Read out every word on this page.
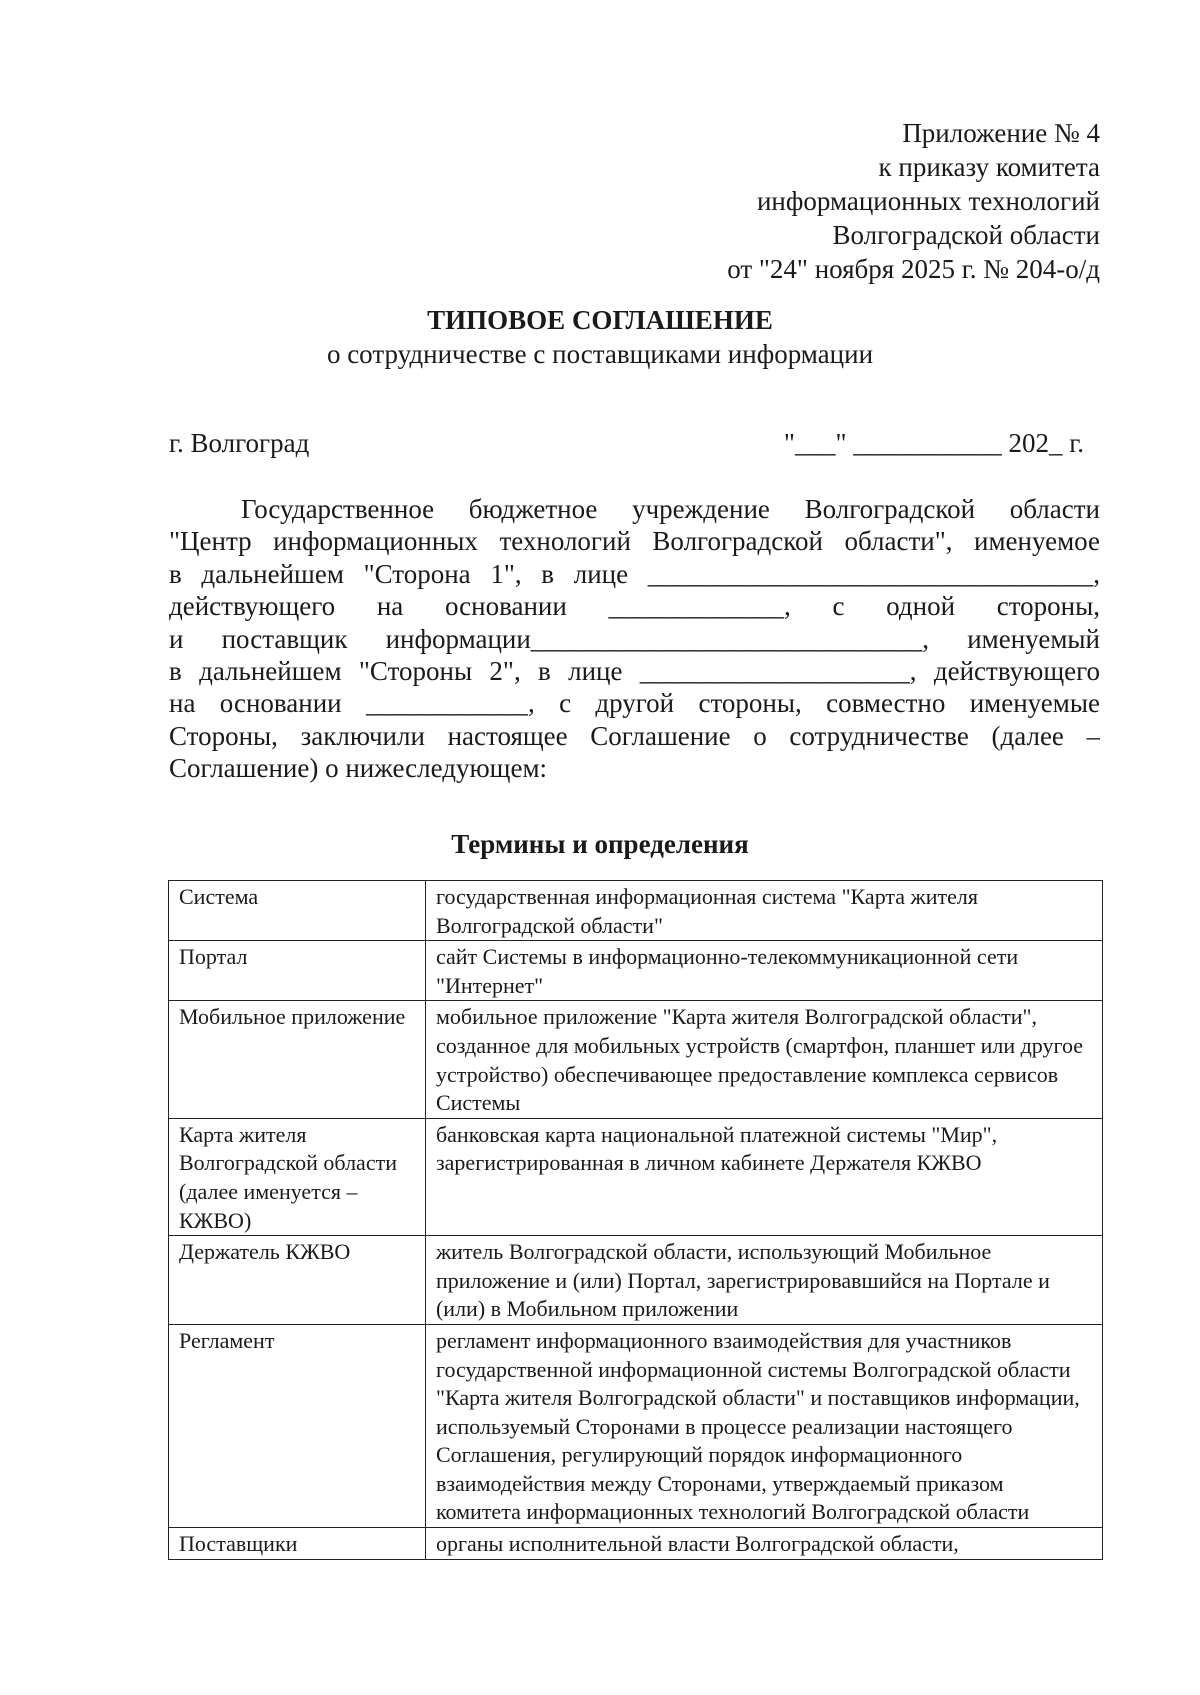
Приложение № 4
к приказу комитета
информационных технологий
Волгоградской области
от "24" ноября 2025 г. № 204-о/д
ТИПОВОЕ СОГЛАШЕНИЕ
о сотрудничестве с поставщиками информации
г. Волгоград	"___" ___________ 202_ г.
Государственное бюджетное учреждение Волгоградской области
"Центр информационных технологий Волгоградской области", именуемое
в дальнейшем "Сторона 1", в лице _________________________________,
действующего на основании _____________, с одной стороны,
и поставщик информации_____________________________, именуемый
в дальнейшем "Стороны 2", в лице ____________________, действующего
на основании ____________, с другой стороны, совместно именуемые
Стороны, заключили настоящее Соглашение о сотрудничестве (далее –
Соглашение) о нижеследующем:
Термины и определения
Система	государственная информационная система "Карта жителя Волгоградской области"
Портал	сайт Системы в информационно-телекоммуникационной сети "Интернет"
Мобильное приложение	мобильное приложение "Карта жителя Волгоградской области", созданное для мобильных устройств (смартфон, планшет или другое устройство) обеспечивающее предоставление комплекса сервисов Системы
Карта жителя Волгоградской области (далее именуется – КЖВО)	банковская карта национальной платежной системы "Мир", зарегистрированная в личном кабинете Держателя КЖВО
Держатель КЖВО	житель Волгоградской области, использующий Мобильное приложение и (или) Портал, зарегистрировавшийся на Портале и (или) в Мобильном приложении
Регламент	регламент информационного взаимодействия для участников государственной информационной системы Волгоградской области "Карта жителя Волгоградской области" и поставщиков информации, используемый Сторонами в процессе реализации настоящего Соглашения, регулирующий порядок информационного взаимодействия между Сторонами, утверждаемый приказом комитета информационных технологий Волгоградской области
Поставщики	органы исполнительной власти Волгоградской области,
